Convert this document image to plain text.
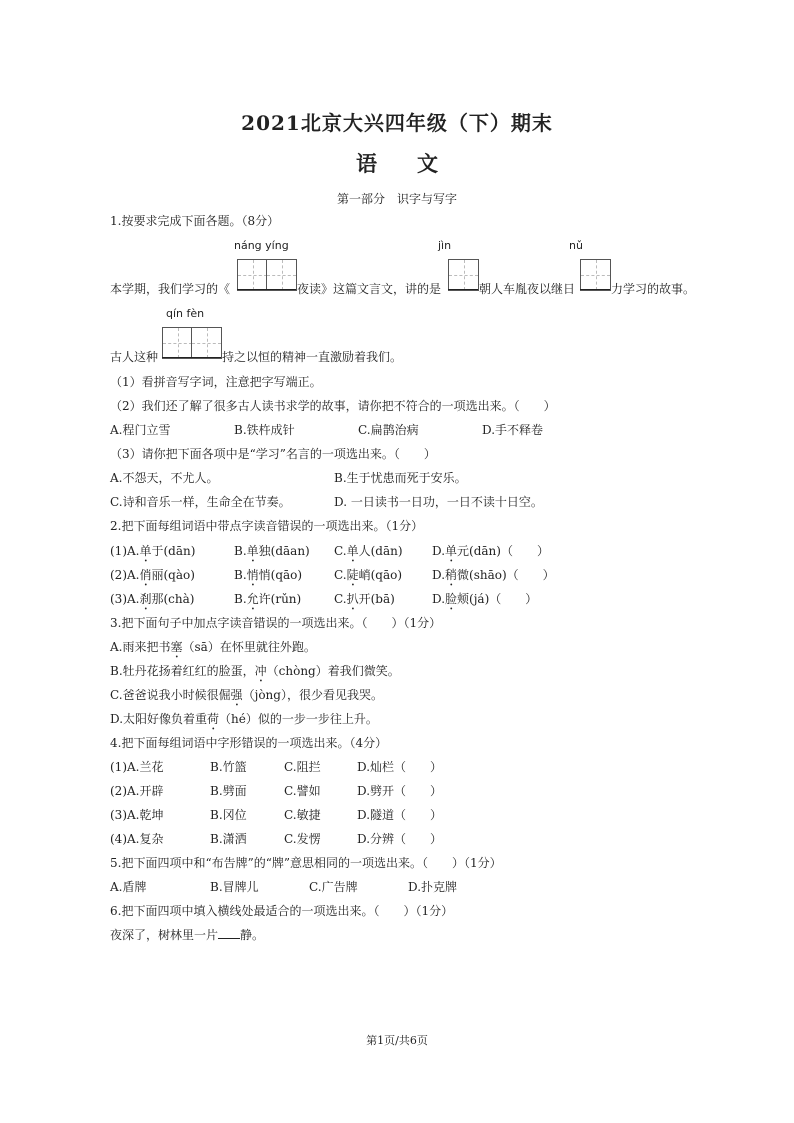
2021北京大兴四年级（下）期末
语 文
第一部分　识字与写字
1.按要求完成下面各题。（8分）
náng yíng	jìn	nǔ
本学期，我们学习的《	夜读》这篇文言文，讲的是	朝人车胤夜以继日	力学习的故事。
qín fèn
古人这种	持之以恒的精神一直激励着我们。
（1）看拼音写字词，注意把字写端正。
（2）我们还了解了很多古人读书求学的故事，请你把不符合的一项选出来。（　　）
A.程门立雪	B.铁杵成针	C.扁鹊治病	D.手不释卷
（3）请你把下面各项中是“学习”名言的一项选出来。（　　）
A.不怨天，不尤人。	B.生于忧患而死于安乐。
C.诗和音乐一样，生命全在节奏。	D. 一日读书一日功，一日不读十日空。
2.把下面每组词语中带点字读音错误的一项选出来。（1分）
(1)A.单于(dān)	B.单独(dāan) C.单人(dān) D.单元(dān)（　　）
(2)A.俏丽(qào)	B.悄悄(qāo)	C.陡峭(qāo) D.稍微(shāo)（　　）
(3)A.刹那(chà)	B.允许(rǔn)	C.扒开(bā)	D.脸颊(já)（　　）
3.把下面句子中加点字读音错误的一项选出来。（　　）（1分）
A.雨来把书塞（sā）在怀里就往外跑。
B.牡丹花扬着红红的脸蛋，冲（chòng）着我们微笑。
C.爸爸说我小时候很倔强（jòng），很少看见我哭。
D.太阳好像负着重荷（hé）似的一步一步往上升。
4.把下面每组词语中字形错误的一项选出来。（4分）
(1)A.兰花	B.竹篮	C.阻拦	D.灿栏（　　）
(2)A.开辟	B.劈面	C.譬如	D.劈开（　　）
(3)A.乾坤	B.冈位	C.敏捷	D.隧道（　　）
(4)A.复杂	B.潇洒	C.发愣	D.分辨（　　）
5.把下面四项中和“布告牌”的“牌”意思相同的一项选出来。（　　）（1分）
A.盾牌	B.冒牌儿	C.广告牌	D.扑克牌
6.把下面四项中填入横线处最适合的一项选出来。（　　）（1分）
夜深了，树林里一片 静。
第1页/共6页
